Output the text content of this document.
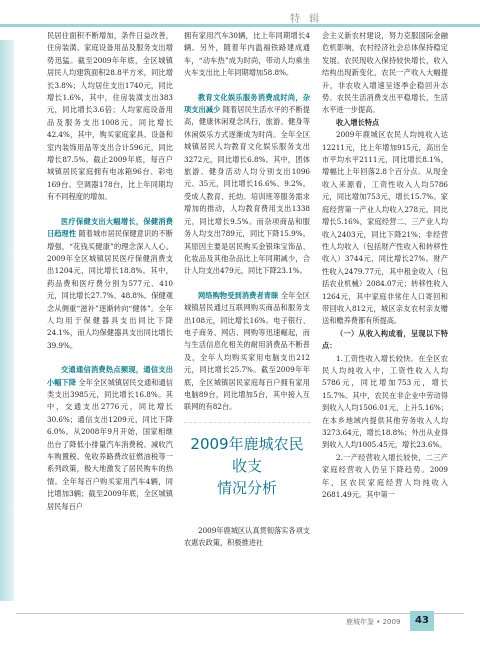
特 辑

民居住面积不断增加，条件日益改善，住房装潢、家庭设备用品及服务支出增势迅猛。截至2009年年底，全区城镇居民人均建筑面积28.8平方米，同比增长3.8%；人均居住支出1740元，同比增长1.6%，其中，住房装潢支出383元，同比增长3.6倍；人均家庭设备用品及服务支出1008元，同比增长42.4%，其中，购买家庭家具、设备和室内装饰用品等支出合计596元，同比增长87.5%。截止2009年底，每百户城镇居民家庭拥有电冰箱96台、彩电169台、空调器178台，比上年同期均有不同程度的增加。

医疗保健支出大幅增长，保健消费日趋理性 随着城市居民保健意识的不断增强，“花钱买健康”的理念深入人心。2009年全区城镇居民医疗保健消费支出1204元，同比增长18.8%。其中，药品费和医疗费分别为577元、410元，同比增长27.7%、48.8%。保健观念从侧重“滋补”逐渐转向“健体”。全年人均用于保健器具支出同比下降24.1%，而人均保健器具支出同比增长39.9%。

交通通信消费热点频现，通信支出小幅下降 全年全区城镇居民交通和通信类支出3985元，同比增长16.8%。其中，交通支出2776元，同比增长30.6%；通信支出1209元，同比下降6.0%。从2008年9月开始，国家相继出台了降低小排量汽车消费税、减收汽车购置税、免收养路费改征燃油税等一系列政策，极大地激发了居民购车的热情。全年每百户购买家用汽车4辆，同比增加3辆；截至2009年底，全区城镇居民每百户

拥有家用汽车30辆，比上年同期增长4辆。另外，随着年内温福铁路建成通车，“动车热”成为时尚，带动人均乘坐火车支出比上年同期增加58.8%。

教育文化娱乐服务消费成时尚，杂项支出减少 随着居民生活水平的不断提高，健康休闲观念风行，旅游、健身等休闲娱乐方式逐渐成为时尚。全年全区城镇居民人均教育文化娱乐服务支出3272元，同比增长6.8%。其中，团体旅游、健身活动人均分别支出1096元、35元，同比增长16.6%、9.2%。受成人教育、托幼、培训班等服务需求增加的推动，人均教育费用支出1338元，同比增长9.5%。而杂项商品和服务人均支出789元，同比下降15.9%。其原因主要是居民购买金银珠宝饰品、化妆品及其他杂品比上年同期减少，合计人均支出479元，同比下降23.1%。

网络购物受到消费者青睐 全年全区城镇居民通过互联网购买商品和服务支出108元，同比增长16%。电子银行、电子商务、网店、网购等迅速崛起，而与生活信息化相关的耐用消费品不断普及，全年人均购买家用电脑支出212元，同比增长25.7%。截至2009年年底，全区城镇居民家庭每百户拥有家用电脑89台，同比增加5台，其中接入互联网的有82台。

2009年鹿城农民收支
情况分析

2009年鹿城区认真贯彻落实各项支农惠农政策，积极推进社

会主义新农村建设，努力克服国际金融危机影响，农村经济社会总体保持稳定发展。农民现收入保持较快增长，收入结构出现新变化，农民一产收入大幅提升，非农收入增速呈逐季企稳回升态势。农民生活消费支出平稳增长，生活水平进一步提高。

收入增长特点

2009年鹿城区农民人均纯收入达12211元，比上年增加915元，高出全市平均水平2111元，同比增长8.1%，增幅比上年回落2.8个百分点。从现金收入来源看，工资性收入人均5786元，同比增加753元，增长15.7%。家庭经营第一产业人均收入278元，同比增长5.16%，家庭经营二、三产业人均收入2403元，同比下降21%；非经营性人均收入（包括财产性收入和转移性收入）3744元，同比增长27%。财产性收入2479.77元，其中租金收入（包括农业机械）2084.07元；转移性收入1264元，其中家庭非常住人口寄回和带回收入812元，城区亲友农村亲友赠送和赡养费都有所提高。

（一）从收入构成看，呈现以下特点：

1.工资性收入增长较快。在全区农民人均纯收入中，工资性收入人均5786元，同比增加753元，增长15.7%。其中，农民在非企业中劳动得到收入人均1506.01元，上升5.16%；在本乡地域内提供其他劳务收入人均3273.64元，增长18.8%；外出从业得到收入人均1005.45元，增长23.6%。

2.一产经营收入增长较快，二三产家庭经营收入仍呈下降趋势。2009年，区农民家庭经营人均纯收入2681.49元。其中第一

鹿城年鉴 • 2009	43
